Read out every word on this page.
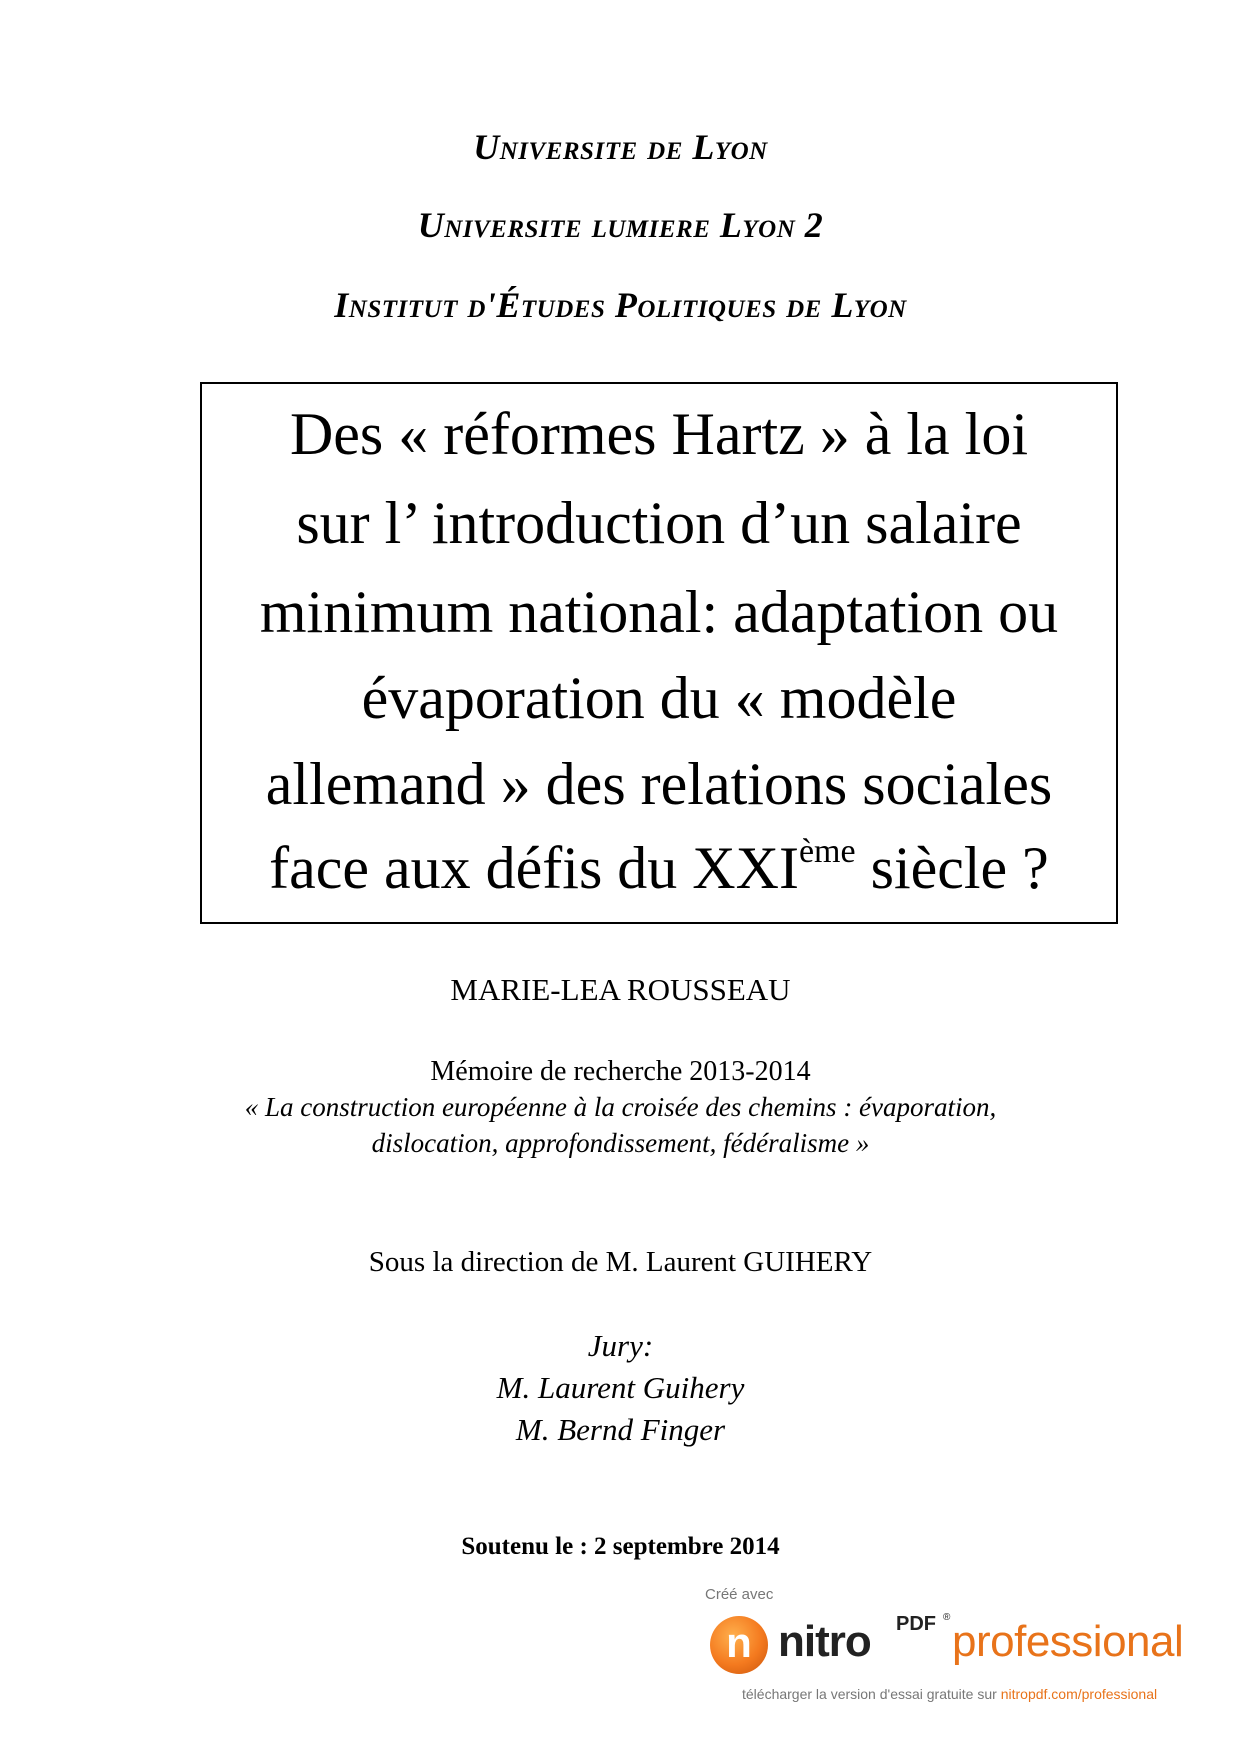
Universite de Lyon
Universite lumiere Lyon 2
Institut d'Études Politiques de Lyon
Des « réformes Hartz » à la loi
sur l’ introduction d’un salaire
minimum national: adaptation ou
évaporation du « modèle
allemand » des relations sociales
face aux défis du XXIème siècle ?
MARIE-LEA ROUSSEAU
Mémoire de recherche 2013-2014
« La construction européenne à la croisée des chemins : évaporation,
dislocation, approfondissement, fédéralisme »
Sous la direction de M. Laurent GUIHERY
Jury:
M. Laurent Guihery
M. Bernd Finger
Soutenu le : 2 septembre 2014
Créé avec
n nitro PDF ® professional
télécharger la version d'essai gratuite sur nitropdf.com/professional
